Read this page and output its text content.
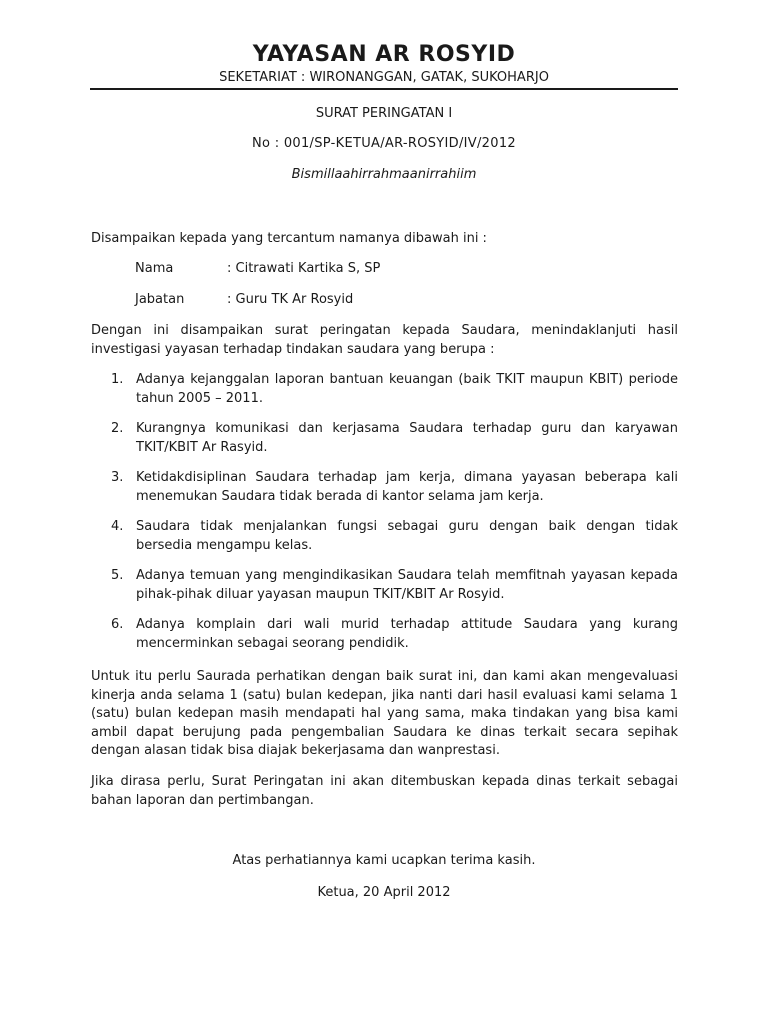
YAYASAN AR ROSYID
SEKETARIAT : WIRONANGGAN, GATAK, SUKOHARJO
SURAT PERINGATAN I
No : 001/SP-KETUA/AR-ROSYID/IV/2012
Bismillaahirrahmaanirrahiim
Disampaikan kepada yang tercantum namanya dibawah ini :
Nama	: Citrawati Kartika S, SP
Jabatan	: Guru TK Ar Rosyid
Dengan ini disampaikan surat peringatan kepada Saudara, menindaklanjuti hasil investigasi yayasan terhadap tindakan saudara yang berupa :
1. Adanya kejanggalan laporan bantuan keuangan (baik TKIT maupun KBIT) periode tahun 2005 – 2011.
2. Kurangnya komunikasi dan kerjasama Saudara terhadap guru dan karyawan TKIT/KBIT Ar Rasyid.
3. Ketidakdisiplinan Saudara terhadap jam kerja, dimana yayasan beberapa kali menemukan Saudara tidak berada di kantor selama jam kerja.
4. Saudara tidak menjalankan fungsi sebagai guru dengan baik dengan tidak bersedia mengampu kelas.
5. Adanya temuan yang mengindikasikan Saudara telah memfitnah yayasan kepada pihak-pihak diluar yayasan maupun TKIT/KBIT Ar Rosyid.
6. Adanya komplain dari wali murid terhadap attitude Saudara yang kurang mencerminkan sebagai seorang pendidik.
Untuk itu perlu Saurada perhatikan dengan baik surat ini, dan kami akan mengevaluasi kinerja anda selama 1 (satu) bulan kedepan, jika nanti dari hasil evaluasi kami selama 1 (satu) bulan kedepan masih mendapati hal yang sama, maka tindakan yang bisa kami ambil dapat berujung pada pengembalian Saudara ke dinas terkait secara sepihak dengan alasan tidak bisa diajak bekerjasama dan wanprestasi.
Jika dirasa perlu, Surat Peringatan ini akan ditembuskan kepada dinas terkait sebagai bahan laporan dan pertimbangan.
Atas perhatiannya kami ucapkan terima kasih.
Ketua, 20 April 2012
